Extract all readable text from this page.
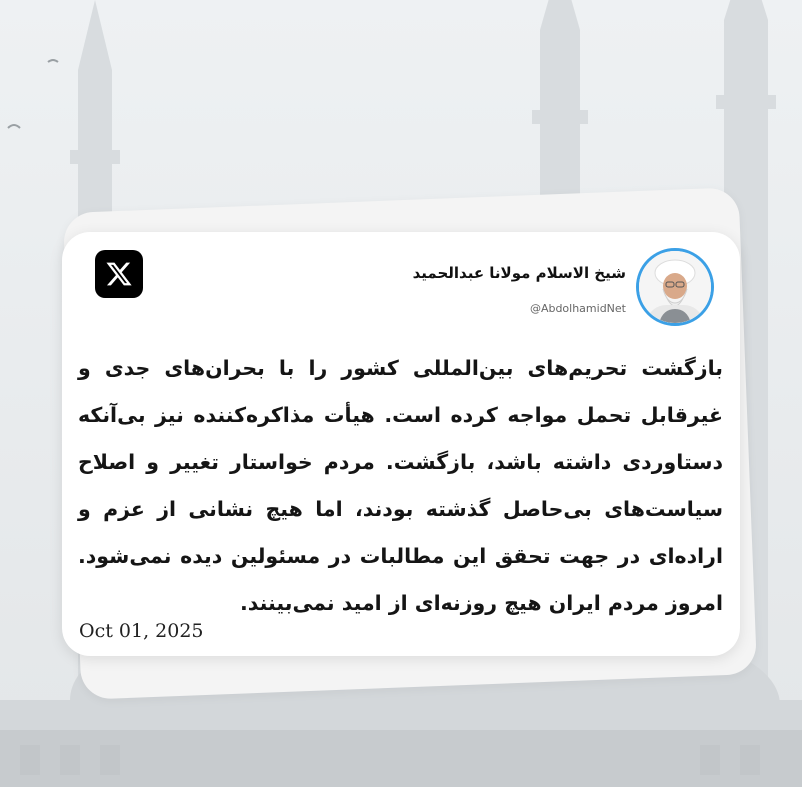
شیخ الاسلام مولانا عبدالحمید
@AbdolhamidNet

بازگشت تحریم‌های بین‌المللی کشور را با بحران‌های جدی و غیرقابل تحمل مواجه کرده است. هیأت مذاکره‌کننده نیز بی‌آنکه دستاوردی داشته باشد، بازگشت. مردم خواستار تغییر و اصلاح سیاست‌های بی‌حاصل گذشته بودند، اما هیچ نشانی از عزم و اراده‌ای در جهت تحقق این مطالبات در مسئولین دیده نمی‌شود. امروز مردم ایران هیچ روزنه‌ای از امید نمی‌بینند.

Oct 01, 2025
